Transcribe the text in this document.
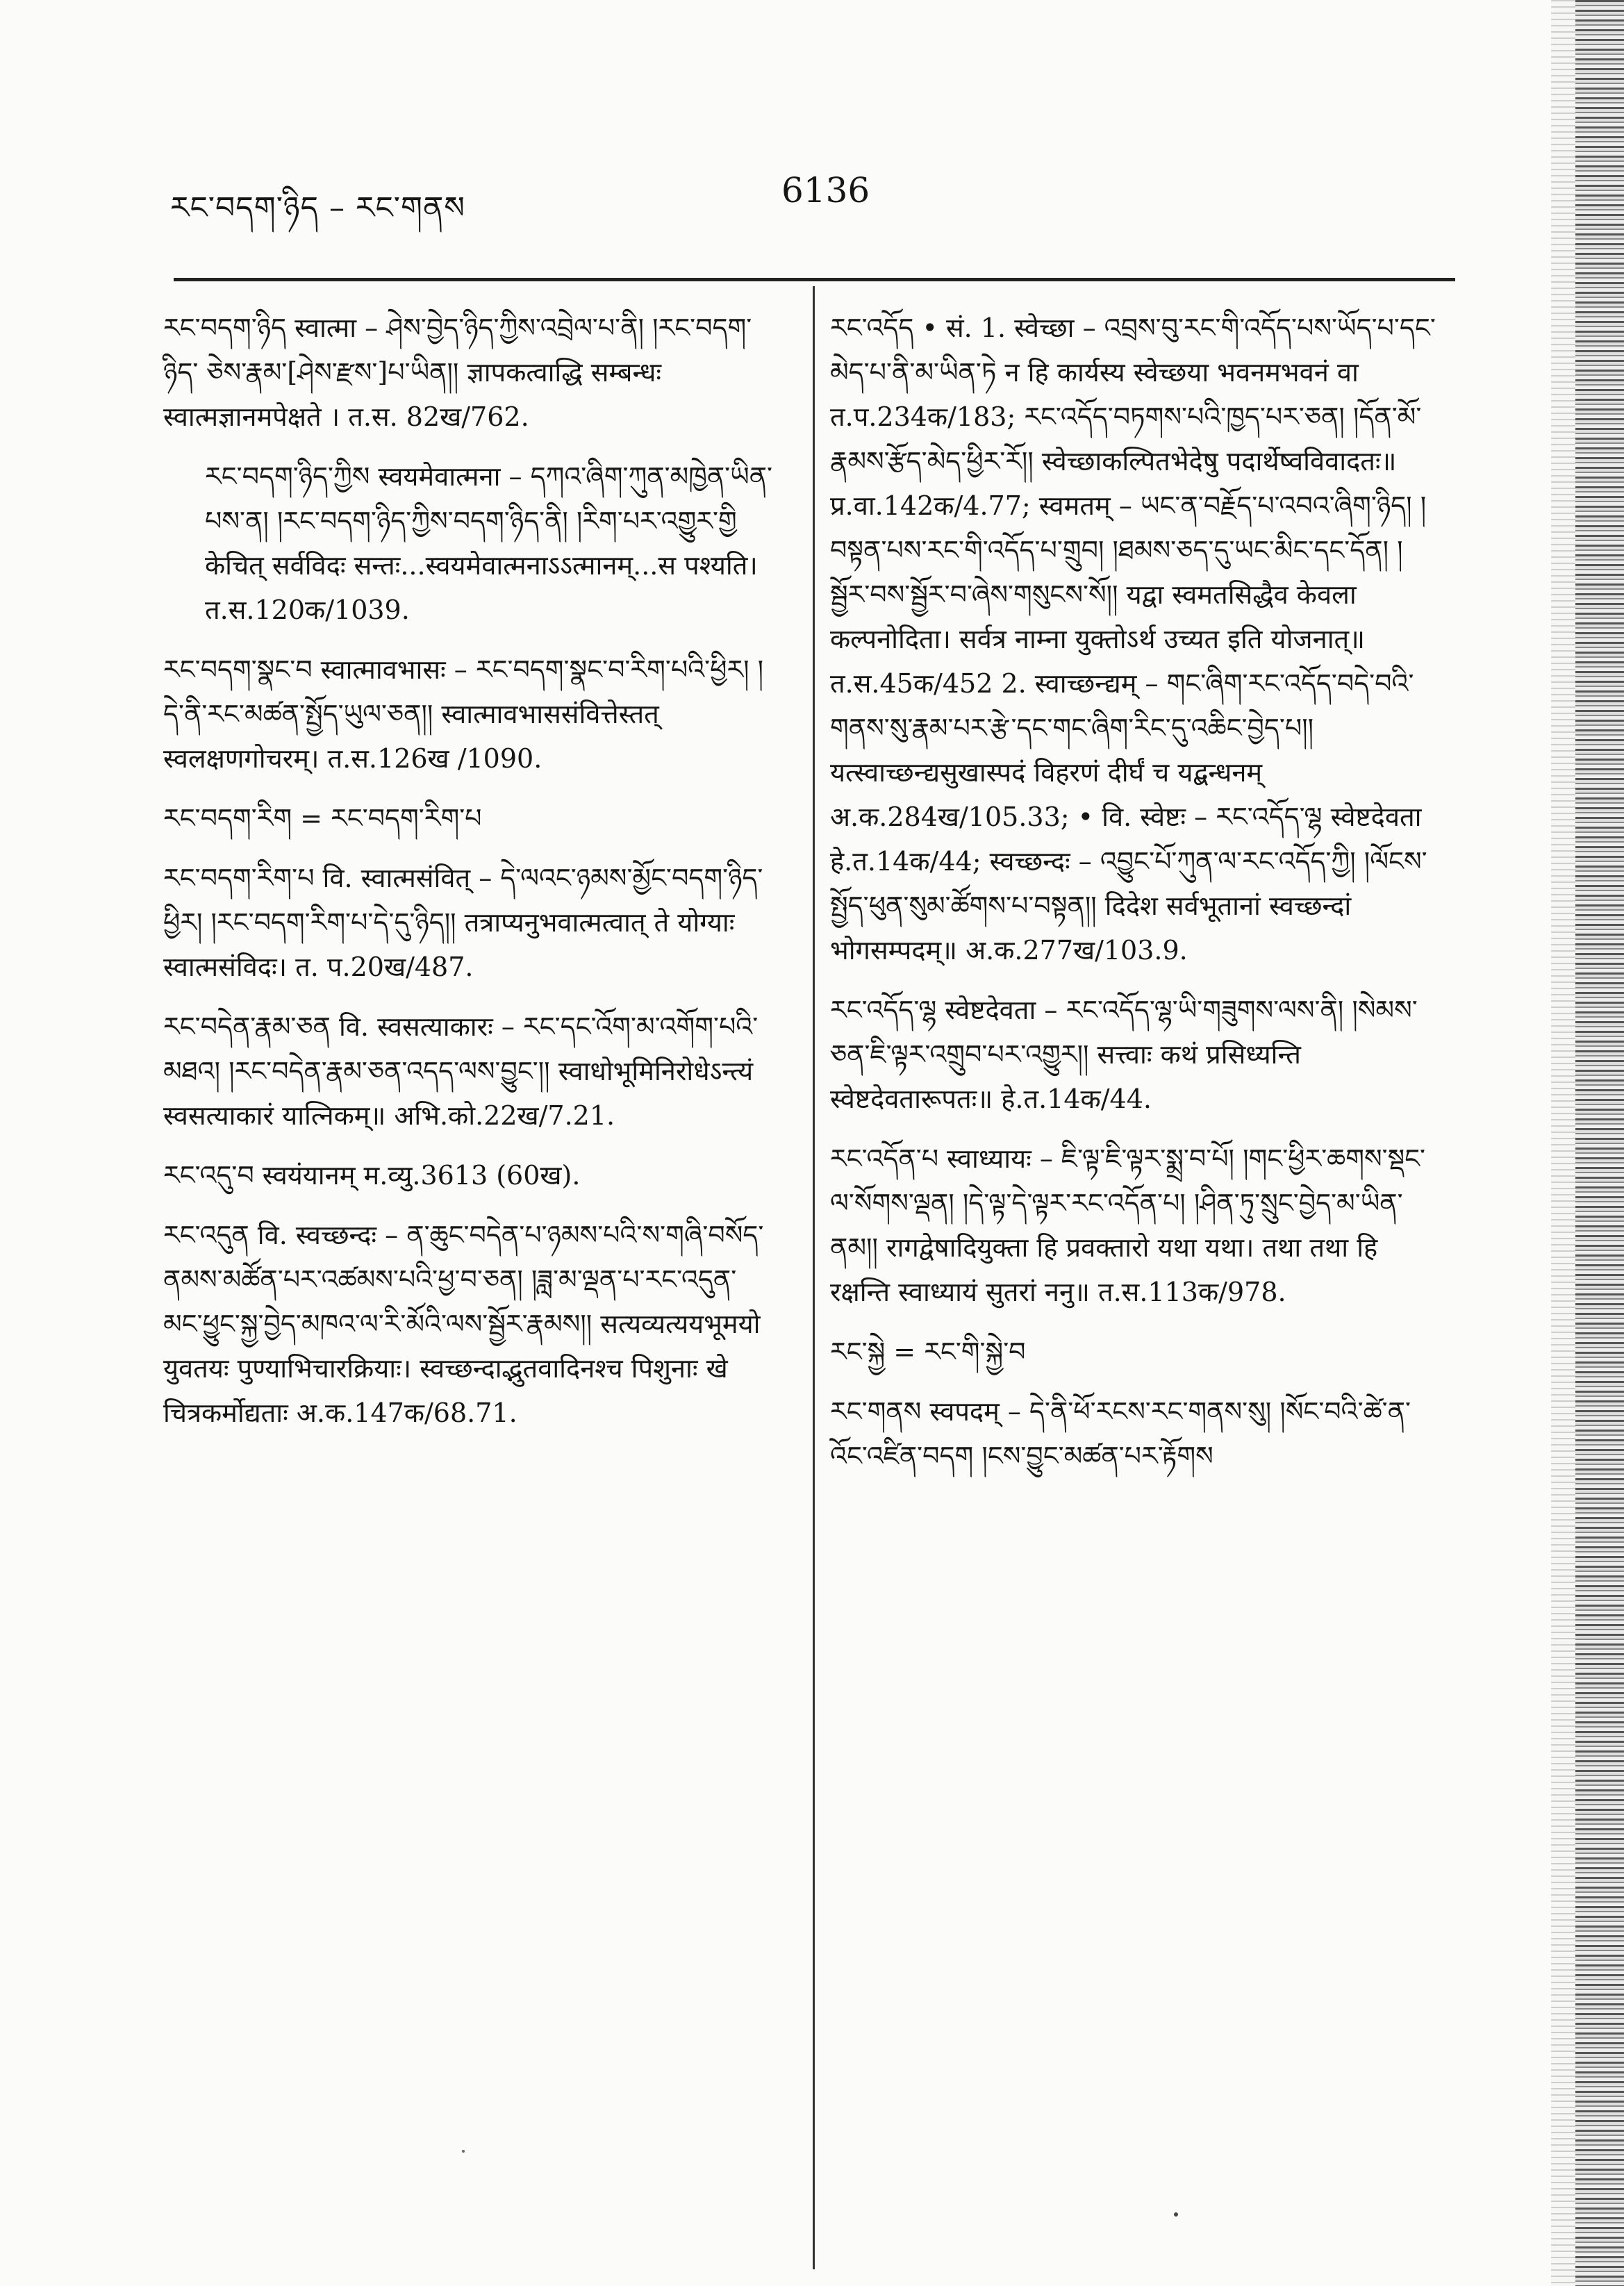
རང་བདག་ཉིད – རང་གནས	6136

རང་བདག་ཉིད स्वात्मा – ཤེས་བྱེད་ཉིད་ཀྱིས་འབྲེལ་པ་ནི། །རང་བདག་ཉིད་ ཅེས་རྣམ་[ཤེས་རྫས་]པ་ཡིན།། ज्ञापकत्वाद्धि सम्बन्धः स्वात्मज्ञानमपेक्षते । त.स. 82ख/762.

རང་བདག་ཉིད་ཀྱིས स्वयमेवात्मना – དཀའ་ཞིག་ཀུན་མཁྱེན་ཡིན་པས་ན། །རང་བདག་ཉིད་ཀྱིས་བདག་ཉིད་ནི། །རིག་པར་འགྱུར་གྱི केचित् सर्वविदः सन्तः...स्वयमेवात्मनाऽऽत्मानम्...स पश्यति। त.स.120क/1039.

རང་བདག་སྣང་བ स्वात्मावभासः – རང་བདག་སྣང་བ་རིག་པའི་ཕྱིར། །དེ་ནི་རང་མཚན་སྤྱོད་ཡུལ་ཅན།། स्वात्मावभाससंवित्तेस्तत् स्वलक्षणगोचरम्। त.स.126ख /1090.

རང་བདག་རིག = རང་བདག་རིག་པ

རང་བདག་རིག་པ वि. स्वात्मसंवित् – དེ་ལའང་ཉམས་མྱོང་བདག་ཉིད་ཕྱིར། །རང་བདག་རིག་པ་དེ་དུ་ཉིད།། तत्राप्यनुभवात्मत्वात् ते योग्याः स्वात्मसंविदः। त. प.20ख/487.

རང་བདེན་རྣམ་ཅན वि. स्वसत्याकारः – རང་དང་འོག་མ་འགོག་པའི་མཐའ། །རང་བདེན་རྣམ་ཅན་འདད་ལས་བྱུང་།། स्वाधोभूमिनिरोधेऽन्त्यं स्वसत्याकारं यात्निकम्॥ अभि.को.22ख/7.21.

རང་འདུ་བ स्वयंयानम् म.व्यु.3613 (60ख).

རང་འདུན वि. स्वच्छन्दः – ན་ཆུང་བདེན་པ་ཉམས་པའི་ས་གཞི་བསོད་ནམས་མཚོན་པར་འཚམས་པའི་ཕྱ་བ་ཅན། །ཟླ་མ་ལྡན་པ་རང་འདུན་མང་ཕྱུང་སྐྱ་བྱེད་མཁའ་ལ་རི་མོའི་ལས་སྦྱོར་རྣམས།། सत्यव्यत्ययभूमयो युवतयः पुण्याभिचारक्रियाः। स्वच्छन्दाद्भुतवादिनश्च पिशुनाः खे चित्रकर्मोद्यताः अ.क.147क/68.71.

རང་འདོད • सं. 1. स्वेच्छा – འབྲས་བུ་རང་གི་འདོད་པས་ཡོད་པ་དང་མེད་པ་ནི་མ་ཡིན་ཏེ न हि कार्यस्य स्वेच्छया भवनमभवनं वा त.प.234क/183; རང་འདོད་བཏགས་པའི་ཁྱད་པར་ཅན། །དོན་མོ་རྣམས་རྩོད་མེད་ཕྱིར་རོ།། स्वेच्छाकल्पितभेदेषु पदार्थेष्वविवादतः॥ प्र.वा.142क/4.77; स्वमतम् – ཡང་ན་བརྗོད་པ་འབའ་ཞིག་ཉིད། །བསྟན་པས་རང་གི་འདོད་པ་གྲུབ། །ཐམས་ཅད་དུ་ཡང་མིང་དང་དོན། །སྦྱོར་བས་སྦྱོར་བ་ཞེས་གསུངས་སོ།། यद्वा स्वमतसिद्धैव केवला कल्पनोदिता। सर्वत्र नाम्ना युक्तोऽर्थ उच्यत इति योजनात्॥ त.स.45क/452 2. स्वाच्छन्द्यम् – གང་ཞིག་རང་འདོད་བདེ་བའི་གནས་སུ་རྣམ་པར་རྩེ་དང་གང་ཞིག་རིང་དུ་འཆིང་བྱེད་པ།། यत्स्वाच्छन्द्यसुखास्पदं विहरणं दीर्घं च यद्बन्धनम् अ.क.284ख/105.33; • वि. स्वेष्टः – རང་འདོད་ལྷ स्वेष्टदेवता हे.त.14क/44; स्वच्छन्दः – འབྱུང་པོ་ཀུན་ལ་རང་འདོད་ཀྱི། །ལོངས་སྤྱོད་ཕུན་སུམ་ཚོགས་པ་བསྟན།། दिदेश सर्वभूतानां स्वच्छन्दां भोगसम्पदम्॥ अ.क.277ख/103.9.

རང་འདོད་ལྷ स्वेष्टदेवता – རང་འདོད་ལྷ་ཡི་གཟུགས་ལས་ནི། །སེམས་ཅན་ཇི་ལྟར་འགྲུབ་པར་འགྱུར།། सत्त्वाः कथं प्रसिध्यन्ति स्वेष्टदेवतारूपतः॥ हे.त.14क/44.

རང་འདོན་པ स्वाध्यायः – ཇི་ལྟ་ཇི་ལྟར་སྨྲ་བ་པོ། །གང་ཕྱིར་ཆགས་སྡང་ལ་སོགས་ལྡན། །དེ་ལྟ་དེ་ལྟར་རང་འདོན་པ། །ཤིན་ཏུ་སྲུང་བྱེད་མ་ཡིན་ནམ།། रागद्वेषादियुक्ता हि प्रवक्तारो यथा यथा। तथा तथा हि रक्षन्ति स्वाध्यायं सुतरां ननु॥ त.स.113क/978.

རང་སྐྱེ = རང་གི་སྐྱེ་བ

རང་གནས स्वपदम् – དེ་ནི་ཕོ་རངས་རང་གནས་སུ། །སོང་བའི་ཚེ་ན་འོང་འཛིན་བདག །ངས་བྱུང་མཚན་པར་རྟོགས
